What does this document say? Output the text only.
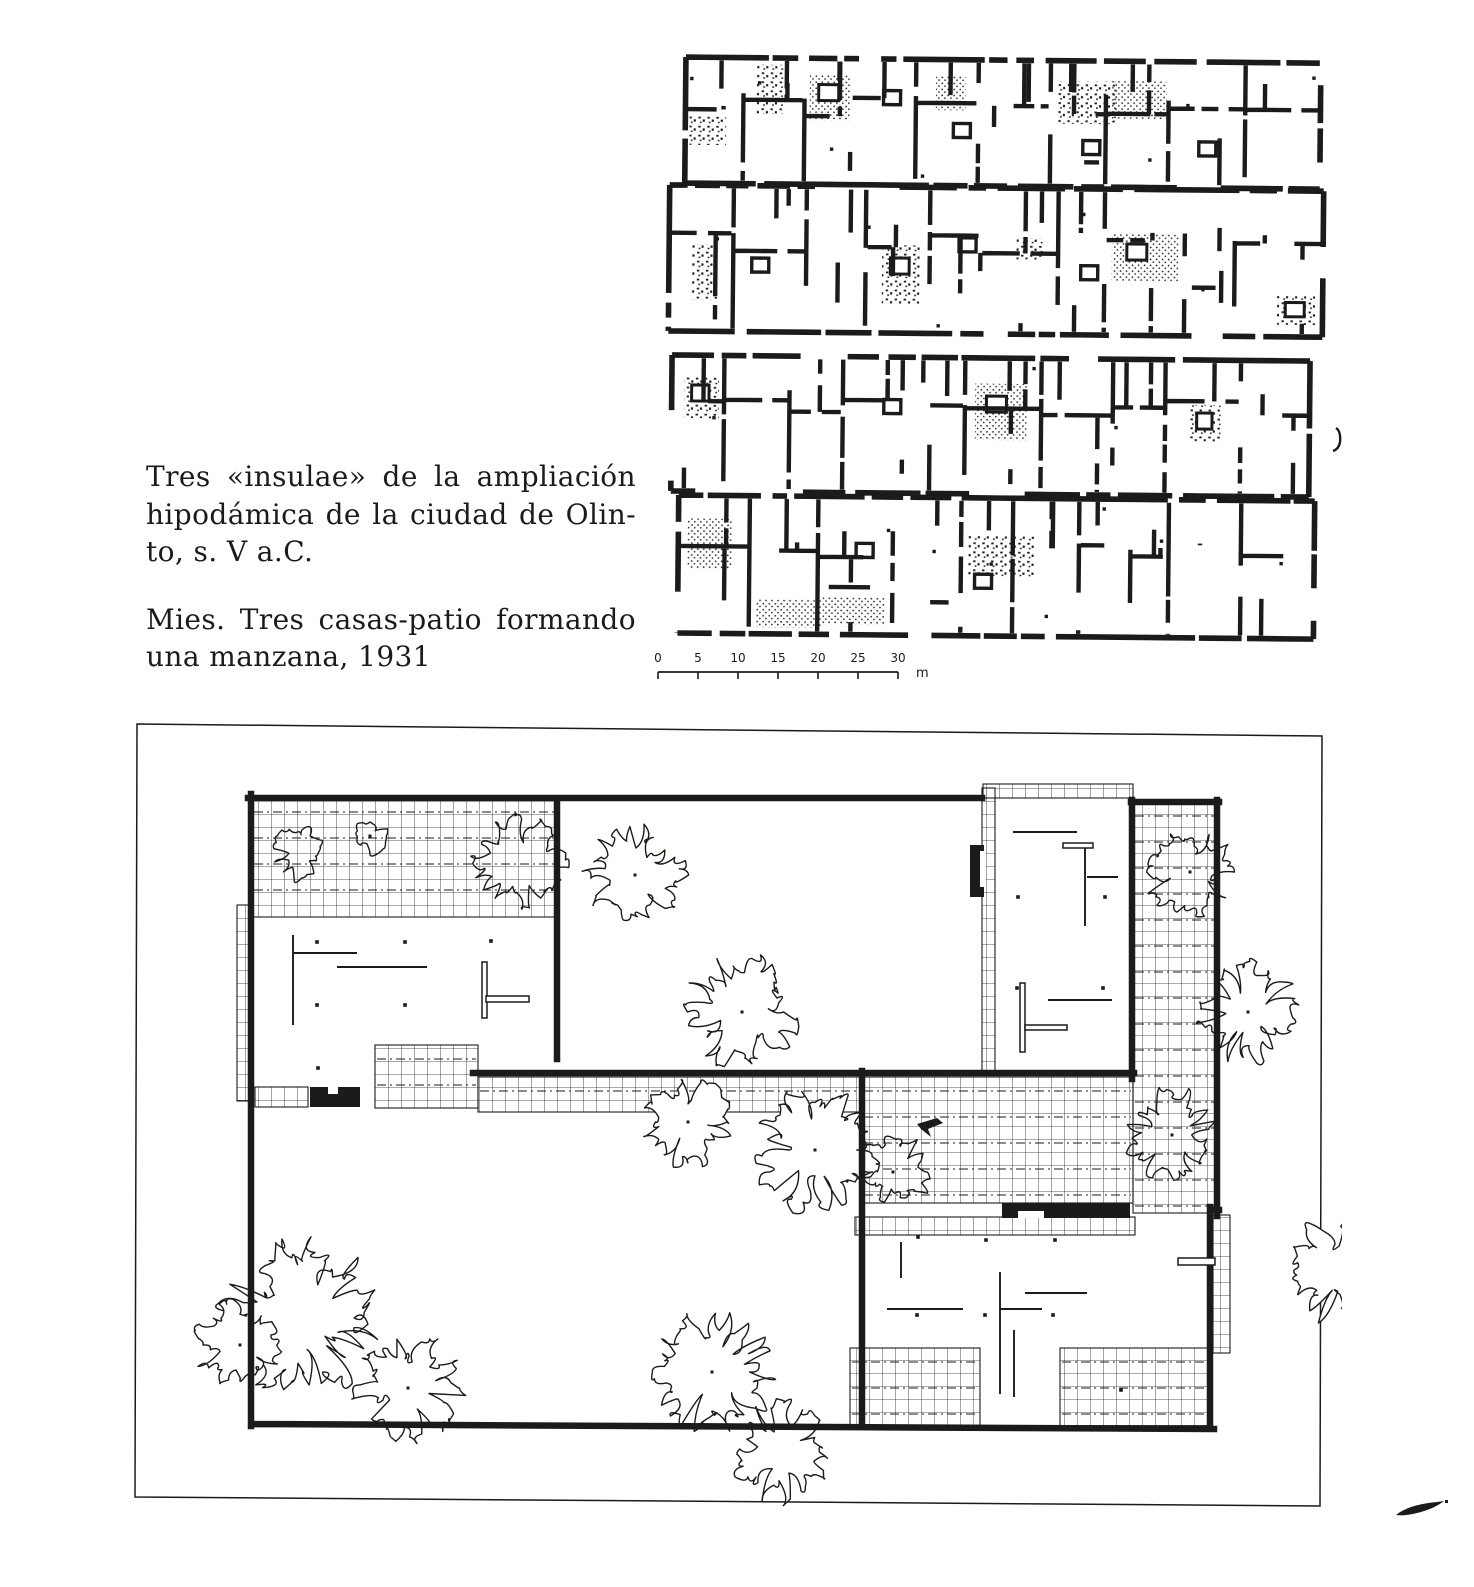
0	5 10 15 20 25 30
m

Tres «insulae» de la ampliación
hipodámica de la ciudad de Olin-
to, s. V a.C.

Mies. Tres casas-patio formando
una manzana, 1931
